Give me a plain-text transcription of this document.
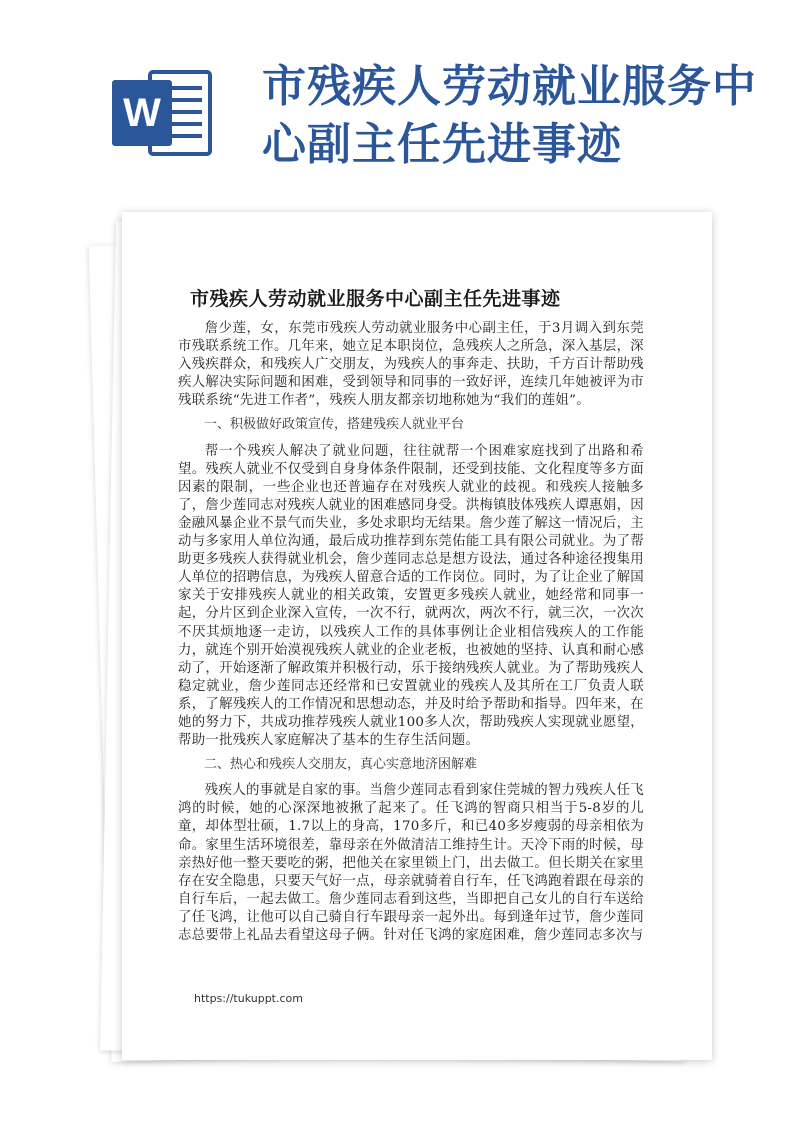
W
市残疾人劳动就业服务中心副主任先进事迹
市残疾人劳动就业服务中心副主任先进事迹

詹少莲，女，东莞市残疾人劳动就业服务中心副主任，于3月调入到东莞市残联系统工作。几年来，她立足本职岗位，急残疾人之所急，深入基层，深入残疾群众，和残疾人广交朋友，为残疾人的事奔走、扶助，千方百计帮助残疾人解决实际问题和困难，受到领导和同事的一致好评，连续几年她被评为市残联系统“先进工作者”，残疾人朋友都亲切地称她为“我们的莲姐”。

一、积极做好政策宣传，搭建残疾人就业平台

帮一个残疾人解决了就业问题，往往就帮一个困难家庭找到了出路和希望。残疾人就业不仅受到自身身体条件限制，还受到技能、文化程度等多方面因素的限制，一些企业也还普遍存在对残疾人就业的歧视。和残疾人接触多了，詹少莲同志对残疾人就业的困难感同身受。洪梅镇肢体残疾人谭惠娟，因金融风暴企业不景气而失业，多处求职均无结果。詹少莲了解这一情况后，主动与多家用人单位沟通，最后成功推荐到东莞佑能工具有限公司就业。为了帮助更多残疾人获得就业机会，詹少莲同志总是想方设法，通过各种途径搜集用人单位的招聘信息，为残疾人留意合适的工作岗位。同时，为了让企业了解国家关于安排残疾人就业的相关政策，安置更多残疾人就业，她经常和同事一起，分片区到企业深入宣传，一次不行，就两次，两次不行，就三次，一次次不厌其烦地逐一走访，以残疾人工作的具体事例让企业相信残疾人的工作能力，就连个别开始漠视残疾人就业的企业老板，也被她的坚持、认真和耐心感动了，开始逐渐了解政策并积极行动，乐于接纳残疾人就业。为了帮助残疾人稳定就业，詹少莲同志还经常和已安置就业的残疾人及其所在工厂负责人联系，了解残疾人的工作情况和思想动态，并及时给予帮助和指导。四年来，在她的努力下，共成功推荐残疾人就业100多人次，帮助残疾人实现就业愿望，帮助一批残疾人家庭解决了基本的生存生活问题。

二、热心和残疾人交朋友，真心实意地济困解难

残疾人的事就是自家的事。当詹少莲同志看到家住莞城的智力残疾人任飞鸿的时候，她的心深深地被揪了起来了。任飞鸿的智商只相当于5-8岁的儿童，却体型壮硕，1.7以上的身高，170多斤，和已40多岁瘦弱的母亲相依为命。家里生活环境很差，靠母亲在外做清洁工维持生计。天冷下雨的时候，母亲热好他一整天要吃的粥，把他关在家里锁上门，出去做工。但长期关在家里存在安全隐患，只要天气好一点，母亲就骑着自行车，任飞鸿跑着跟在母亲的自行车后，一起去做工。詹少莲同志看到这些，当即把自己女儿的自行车送给了任飞鸿，让他可以自己骑自行车跟母亲一起外出。每到逢年过节，詹少莲同志总要带上礼品去看望这母子俩。针对任飞鸿的家庭困难，詹少莲同志多次与

https://tukuppt.com
